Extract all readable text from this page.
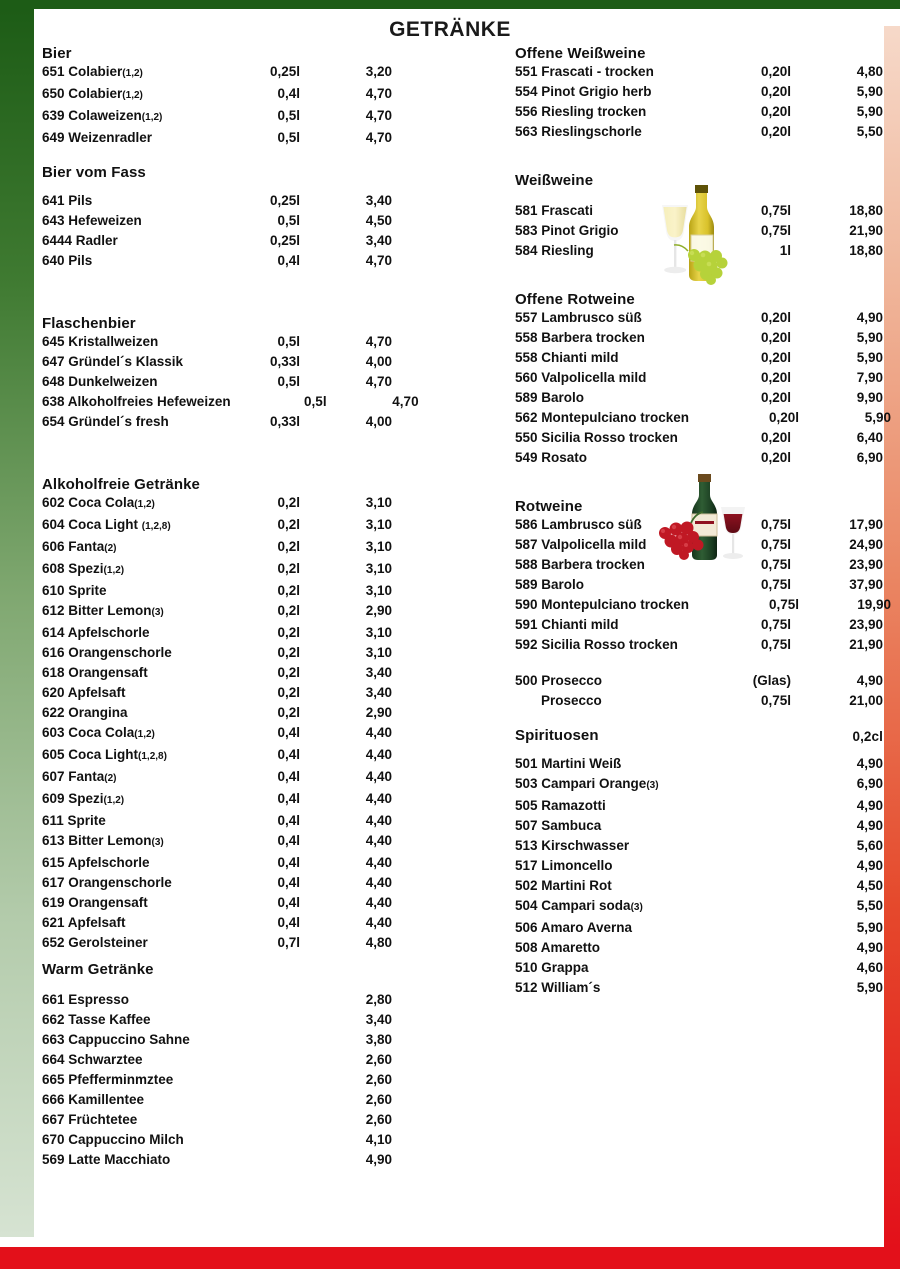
GETRÄNKE
Bier
651 Colabier(1,2)	0,25l	3,20
650 Colabier(1,2)	0,4l	4,70
639 Colaweizen(1,2)	0,5l	4,70
649 Weizenradler	0,5l	4,70
Bier vom Fass
641 Pils	0,25l	3,40
643 Hefeweizen	0,5l	4,50
6444 Radler	0,25l	3,40
640 Pils	0,4l	4,70
Flaschenbier
645 Kristallweizen	0,5l	4,70
647 Gründel´s Klassik	0,33l	4,00
648 Dunkelweizen	0,5l	4,70
638 Alkoholfreies Hefeweizen	0,5l	4,70
654 Gründel´s fresh	0,33l	4,00
Alkoholfreie Getränke
602 Coca Cola(1,2)	0,2l	3,10
604 Coca Light (1,2,8)	0,2l	3,10
606 Fanta(2)	0,2l	3,10
608 Spezi(1,2)	0,2l	3,10
610 Sprite	0,2l	3,10
612 Bitter Lemon(3)	0,2l	2,90
614 Apfelschorle	0,2l	3,10
616 Orangenschorle	0,2l	3,10
618 Orangensaft	0,2l	3,40
620 Apfelsaft	0,2l	3,40
622 Orangina	0,2l	2,90
603 Coca Cola(1,2)	0,4l	4,40
605 Coca Light(1,2,8)	0,4l	4,40
607 Fanta(2)	0,4l	4,40
609 Spezi(1,2)	0,4l	4,40
611 Sprite	0,4l	4,40
613 Bitter Lemon(3)	0,4l	4,40
615 Apfelschorle	0,4l	4,40
617 Orangenschorle	0,4l	4,40
619 Orangensaft	0,4l	4,40
621 Apfelsaft	0,4l	4,40
652 Gerolsteiner	0,7l	4,80
Warm Getränke
661 Espresso	2,80
662 Tasse Kaffee	3,40
663 Cappuccino Sahne	3,80
664 Schwarztee	2,60
665 Pfefferminmztee	2,60
666 Kamillentee	2,60
667 Früchtetee	2,60
670 Cappuccino Milch	4,10
569 Latte Macchiato	4,90
Offene Weißweine
551 Frascati - trocken	0,20l	4,80
554 Pinot Grigio herb	0,20l	5,90
556 Riesling trocken	0,20l	5,90
563 Rieslingschorle	0,20l	5,50
Weißweine
581 Frascati	0,75l	18,80
583 Pinot Grigio	0,75l	21,90
584 Riesling	1l	18,80
Offene Rotweine
557 Lambrusco süß	0,20l	4,90
558 Barbera trocken	0,20l	5,90
558 Chianti mild	0,20l	5,90
560 Valpolicella mild	0,20l	7,90
589 Barolo	0,20l	9,90
562 Montepulciano trocken	0,20l	5,90
550 Sicilia Rosso trocken	0,20l	6,40
549 Rosato	0,20l	6,90
Rotweine
586 Lambrusco süß	0,75l	17,90
587 Valpolicella mild	0,75l	24,90
588 Barbera trocken	0,75l	23,90
589 Barolo	0,75l	37,90
590 Montepulciano trocken	0,75l	19,90
591 Chianti mild	0,75l	23,90
592 Sicilia Rosso trocken	0,75l	21,90
500 Prosecco	(Glas)	4,90
Prosecco	0,75l	21,00
Spirituosen	0,2cl
501 Martini Weiß	4,90
503 Campari Orange(3)	6,90
505 Ramazotti	4,90
507 Sambuca	4,90
513 Kirschwasser	5,60
517 Limoncello	4,90
502 Martini Rot	4,50
504 Campari soda(3)	5,50
506 Amaro Averna	5,90
508 Amaretto	4,90
510 Grappa	4,60
512 William´s	5,90
